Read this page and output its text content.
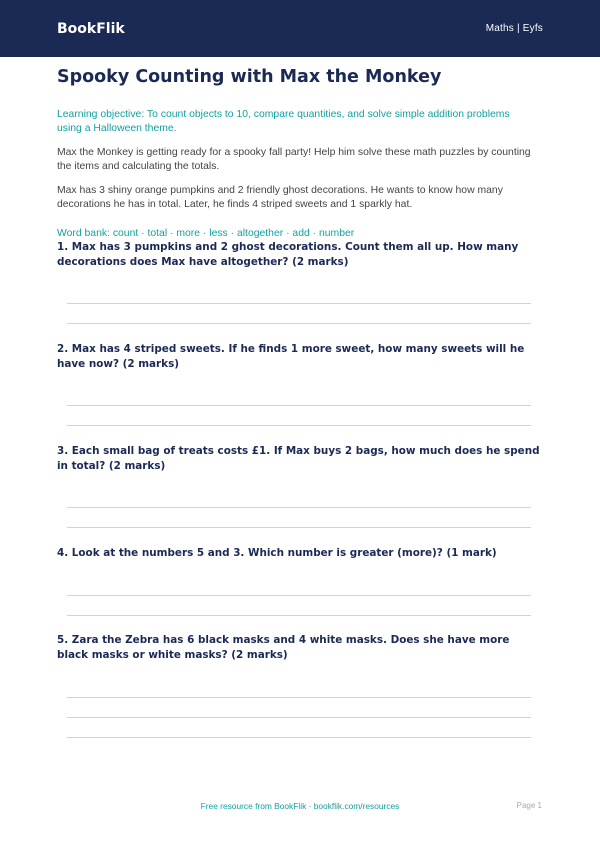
BookFlik	Maths | Eyfs
Spooky Counting with Max the Monkey

Learning objective: To count objects to 10, compare quantities, and solve simple addition problems using a Halloween theme.

Max the Monkey is getting ready for a spooky fall party! Help him solve these math puzzles by counting the items and calculating the totals.

Max has 3 shiny orange pumpkins and 2 friendly ghost decorations. He wants to know how many decorations he has in total. Later, he finds 4 striped sweets and 1 sparkly hat.

Word bank: count · total · more · less · altogether · add · number

1. Max has 3 pumpkins and 2 ghost decorations. Count them all up. How many decorations does Max have altogether? (2 marks)
2. Max has 4 striped sweets. If he finds 1 more sweet, how many sweets will he have now? (2 marks)
3. Each small bag of treats costs £1. If Max buys 2 bags, how much does he spend in total? (2 marks)
4. Look at the numbers 5 and 3. Which number is greater (more)? (1 mark)
5. Zara the Zebra has 6 black masks and 4 white masks. Does she have more black masks or white masks? (2 marks)
Free resource from BookFlik · bookflik.com/resources	Page 1
